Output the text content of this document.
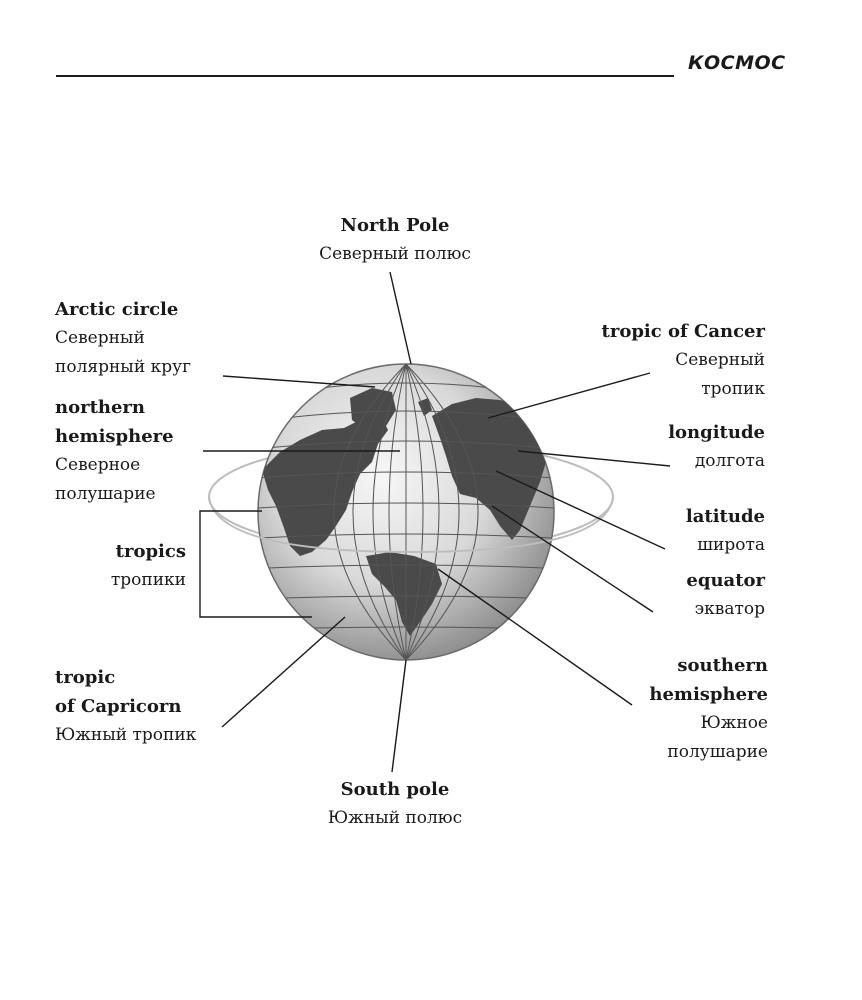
КОСМОС
North Pole
Северный полюс
Arctic circle
Северный
полярный круг
northern
hemisphere
Северное
полушарие
tropics
тропики
tropic
of Capricorn
Южный тропик
South pole
Южный полюс
tropic of Cancer
Северный
тропик
longitude
долгота
latitude
широта
equator
экватор
southern
hemisphere
Южное
полушарие
